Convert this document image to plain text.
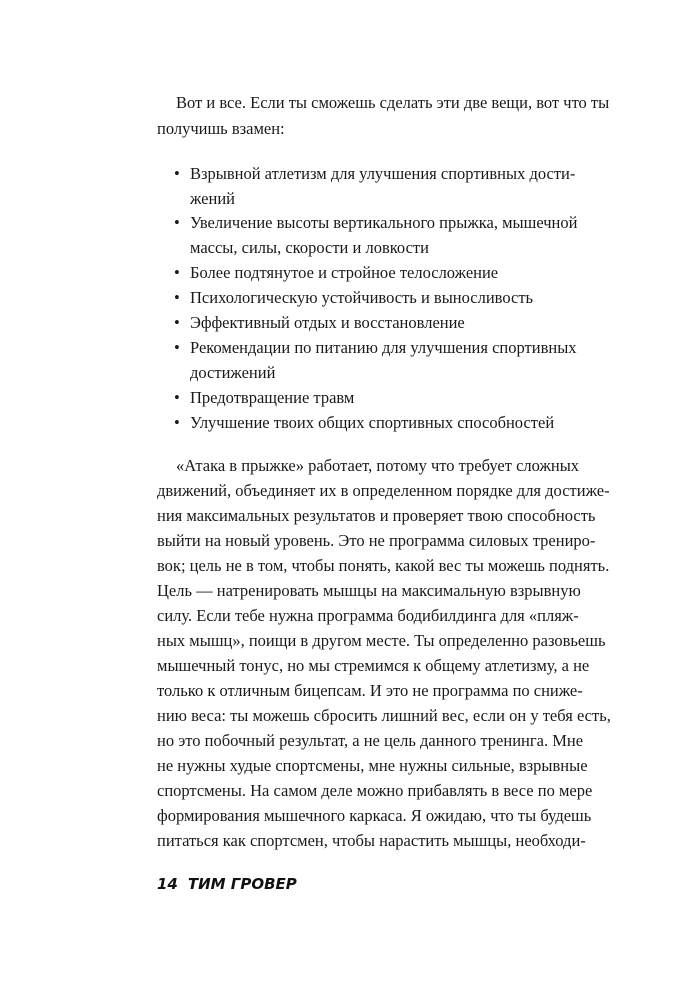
Вот и все. Если ты сможешь сделать эти две вещи, вот что ты
получишь взамен:
• Взрывной атлетизм для улучшения спортивных дости-
жений
• Увеличение высоты вертикального прыжка, мышечной
массы, силы, скорости и ловкости
• Более подтянутое и стройное телосложение
• Психологическую устойчивость и выносливость
• Эффективный отдых и восстановление
• Рекомендации по питанию для улучшения спортивных
достижений
• Предотвращение травм
• Улучшение твоих общих спортивных способностей
«Атака в прыжке» работает, потому что требует сложных
движений, объединяет их в определенном порядке для достиже-
ния максимальных результатов и проверяет твою способность
выйти на новый уровень. Это не программа силовых трениро-
вок; цель не в том, чтобы понять, какой вес ты можешь поднять.
Цель — натренировать мышцы на максимальную взрывную
силу. Если тебе нужна программа бодибилдинга для «пляж-
ных мышц», поищи в другом месте. Ты определенно разовьешь
мышечный тонус, но мы стремимся к общему атлетизму, а не
только к отличным бицепсам. И это не программа по сниже-
нию веса: ты можешь сбросить лишний вес, если он у тебя есть,
но это побочный результат, а не цель данного тренинга. Мне
не нужны худые спортсмены, мне нужны сильные, взрывные
спортсмены. На самом деле можно прибавлять в весе по мере
формирования мышечного каркаса. Я ожидаю, что ты будешь
питаться как спортсмен, чтобы нарастить мышцы, необходи-
14 ТИМ ГРОВЕР
